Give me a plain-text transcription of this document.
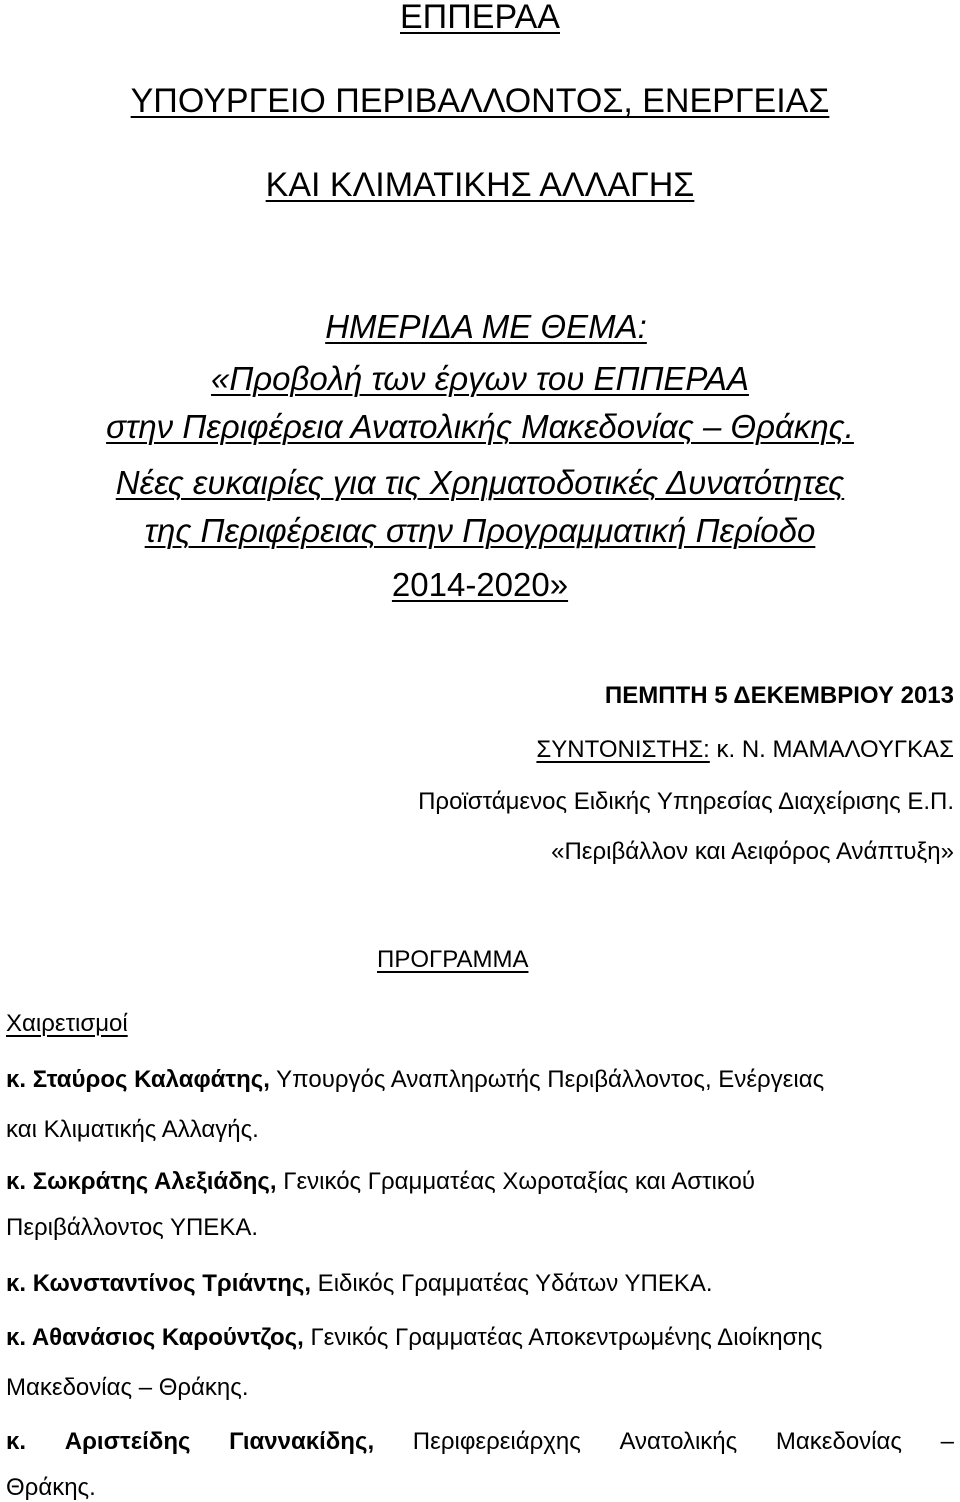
ΕΠΠΕΡΑΑ
ΥΠΟΥΡΓΕΙΟ ΠΕΡΙΒΑΛΛΟΝΤΟΣ, ΕΝΕΡΓΕΙΑΣ
ΚΑΙ ΚΛΙΜΑΤΙΚΗΣ ΑΛΛΑΓΗΣ
ΗΜΕΡΙΔΑ ΜΕ ΘΕΜΑ:
«Προβολή των έργων του ΕΠΠΕΡΑΑ
στην Περιφέρεια Ανατολικής Μακεδονίας – Θράκης.
Νέες ευκαιρίες για τις Χρηματοδοτικές Δυνατότητες
της Περιφέρειας στην Προγραμματική Περίοδο
2014-2020»
ΠΕΜΠΤΗ 5 ΔΕΚΕΜΒΡΙΟΥ 2013
ΣΥΝΤΟΝΙΣΤΗΣ: κ. Ν. ΜΑΜΑΛΟΥΓΚΑΣ
Προϊστάμενος Ειδικής Υπηρεσίας Διαχείρισης Ε.Π.
«Περιβάλλον και Αειφόρος Ανάπτυξη»
ΠΡΟΓΡΑΜΜΑ
Χαιρετισμοί
κ. Σταύρος Καλαφάτης, Υπουργός Αναπληρωτής Περιβάλλοντος, Ενέργειας
και Κλιματικής Αλλαγής.
κ. Σωκράτης Αλεξιάδης, Γενικός Γραμματέας Χωροταξίας και Αστικού
Περιβάλλοντος ΥΠΕΚΑ.
κ. Κωνσταντίνος Τριάντης, Ειδικός Γραμματέας Υδάτων ΥΠΕΚΑ.
κ. Αθανάσιος Καρούντζος, Γενικός Γραμματέας Αποκεντρωμένης Διοίκησης
Μακεδονίας – Θράκης.
κ. Αριστείδης Γιαννακίδης, Περιφερειάρχης Ανατολικής Μακεδονίας –
Θράκης.
